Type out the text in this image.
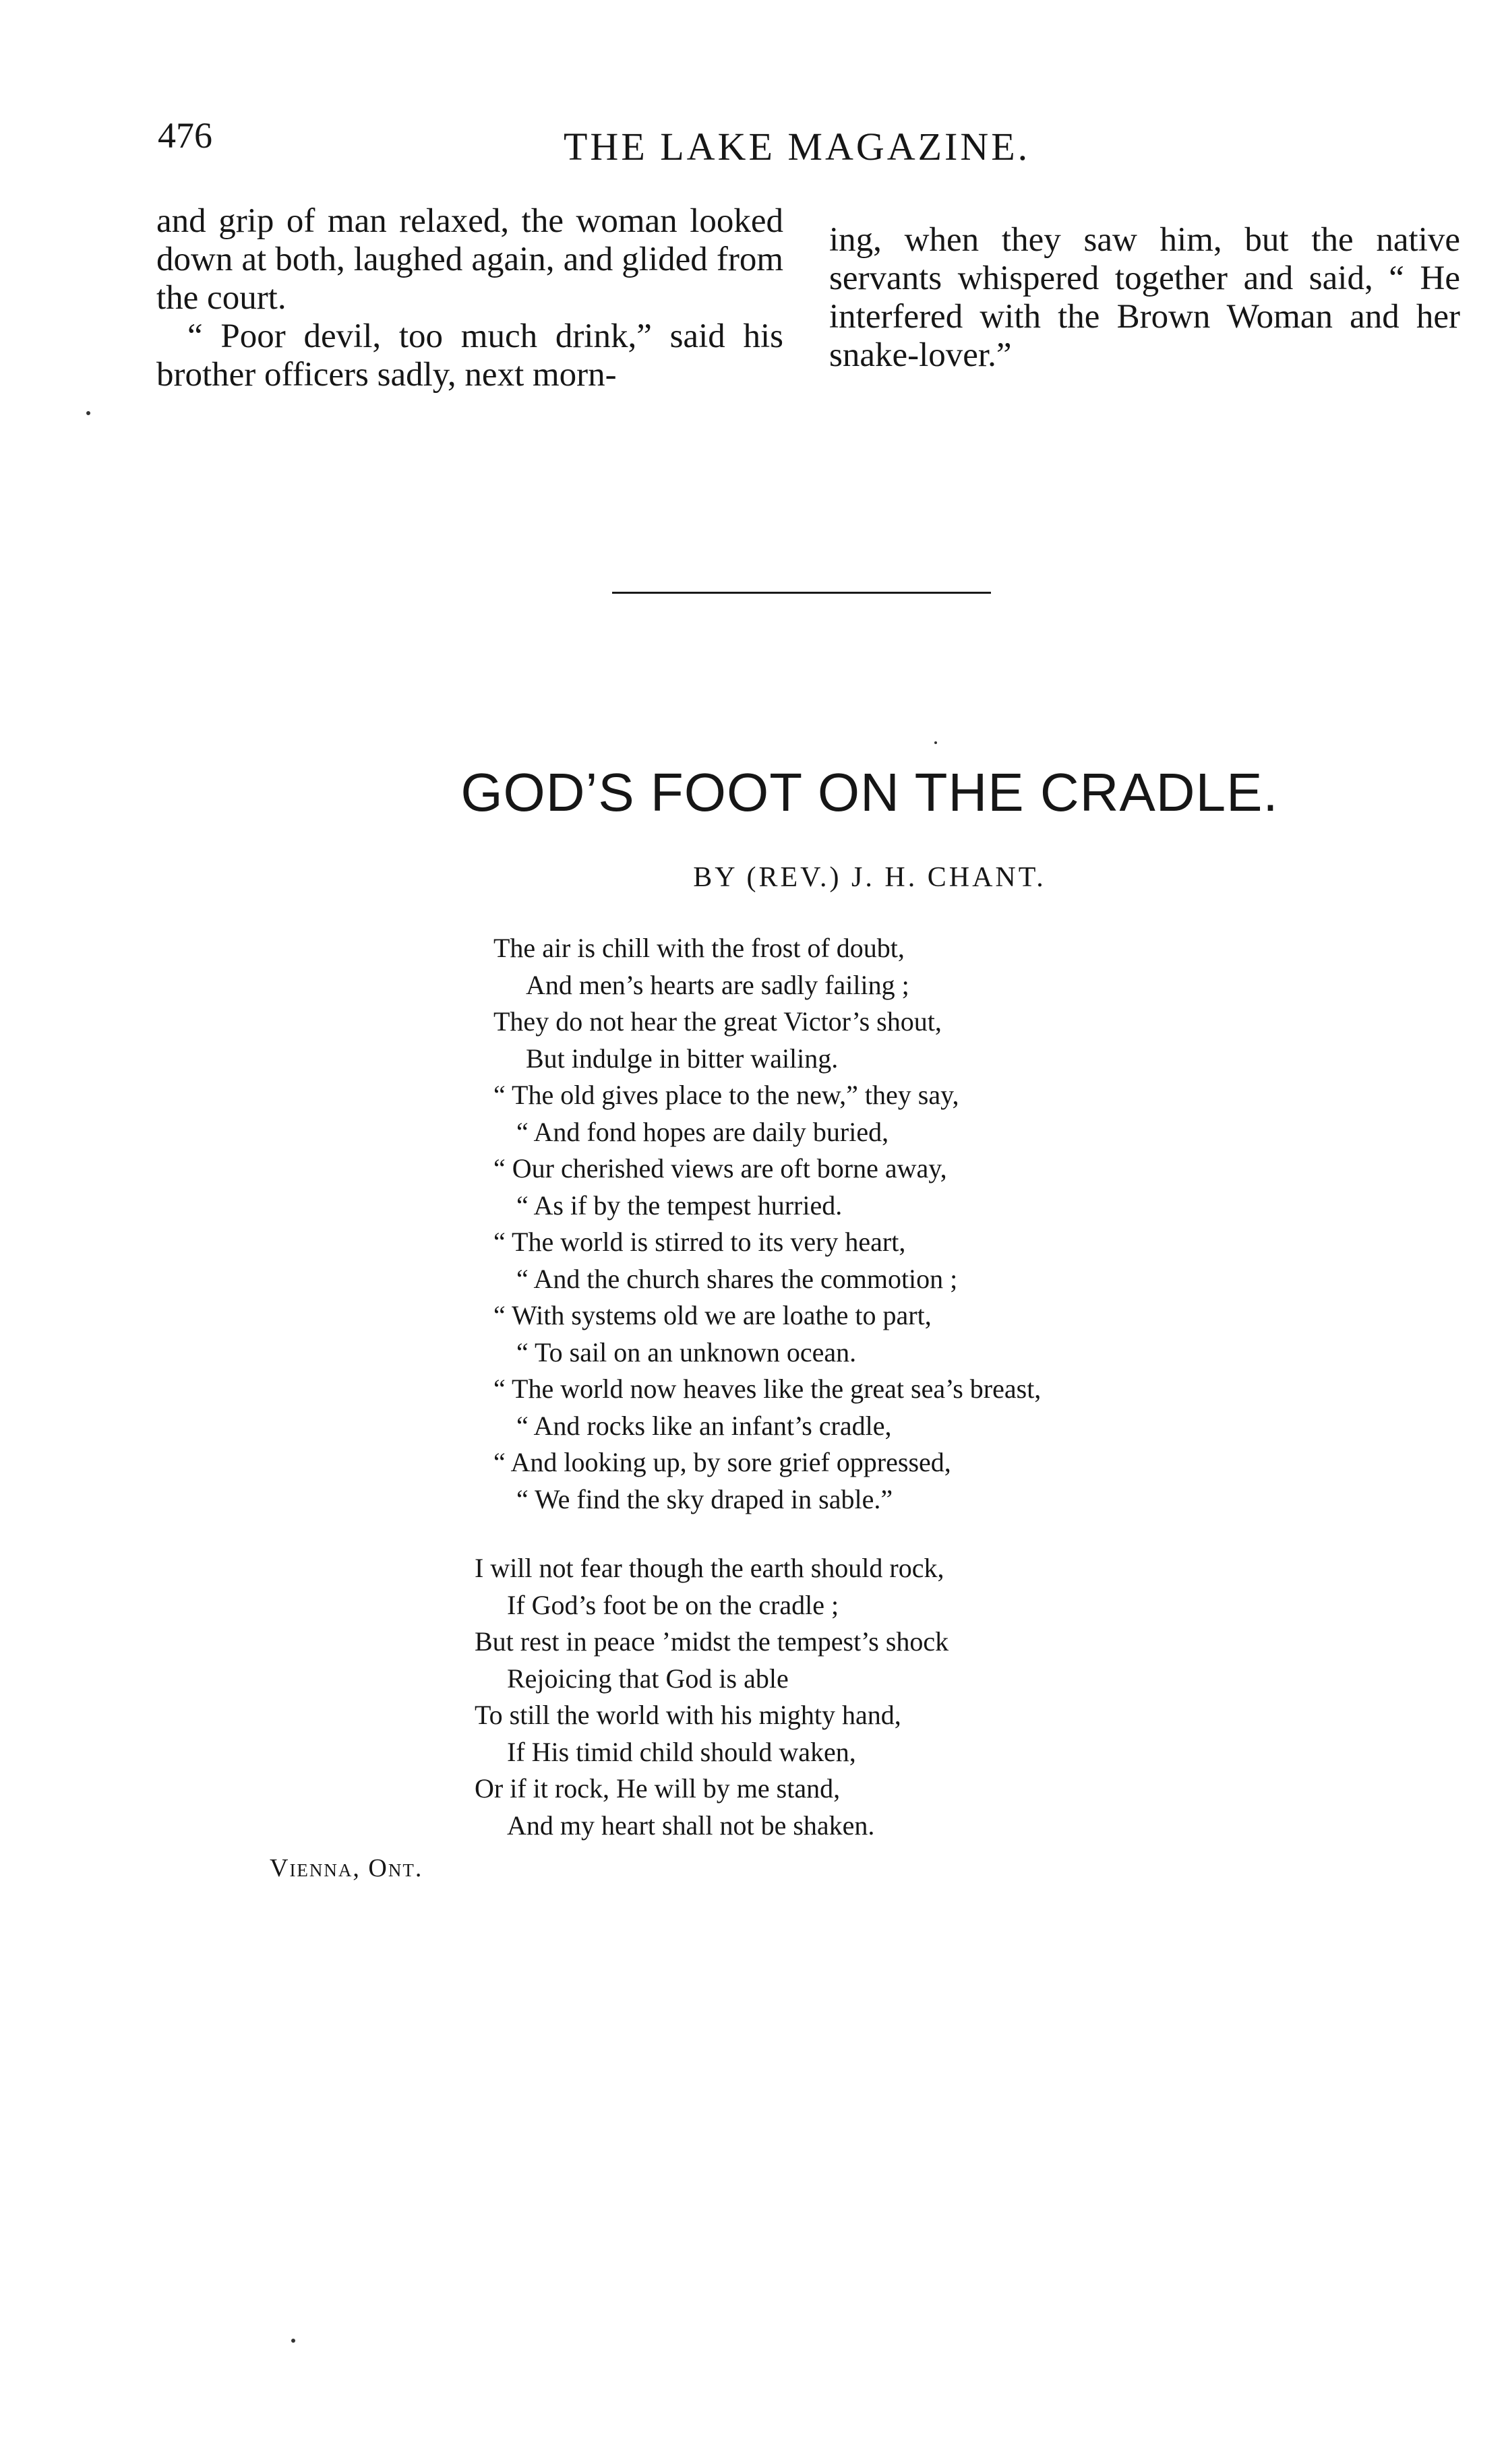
476	THE LAKE MAGAZINE.

and grip of man relaxed, the woman looked down at both, laughed again, and glided from the court.

“ Poor devil, too much drink,” said his brother officers sadly, next morn-

ing, when they saw him, but the native servants whispered together and said, “ He interfered with the Brown Woman and her snake-lover.”

GOD’S FOOT ON THE CRADLE.
BY (REV.) J. H. CHANT.
The air is chill with the frost of doubt,
And men’s hearts are sadly failing ;
They do not hear the great Victor’s shout,
But indulge in bitter wailing.
“ The old gives place to the new,” they say,
“ And fond hopes are daily buried,
“ Our cherished views are oft borne away,
“ As if by the tempest hurried.
“ The world is stirred to its very heart,
“ And the church shares the commotion ;
“ With systems old we are loathe to part,
“ To sail on an unknown ocean.
“ The world now heaves like the great sea’s breast,
“ And rocks like an infant’s cradle,
“ And looking up, by sore grief oppressed,
“ We find the sky draped in sable.”
I will not fear though the earth should rock,
If God’s foot be on the cradle ;
But rest in peace ’midst the tempest’s shock
Rejoicing that God is able
To still the world with his mighty hand,
If His timid child should waken,
Or if it rock, He will by me stand,
And my heart shall not be shaken.
Vienna, Ont.
